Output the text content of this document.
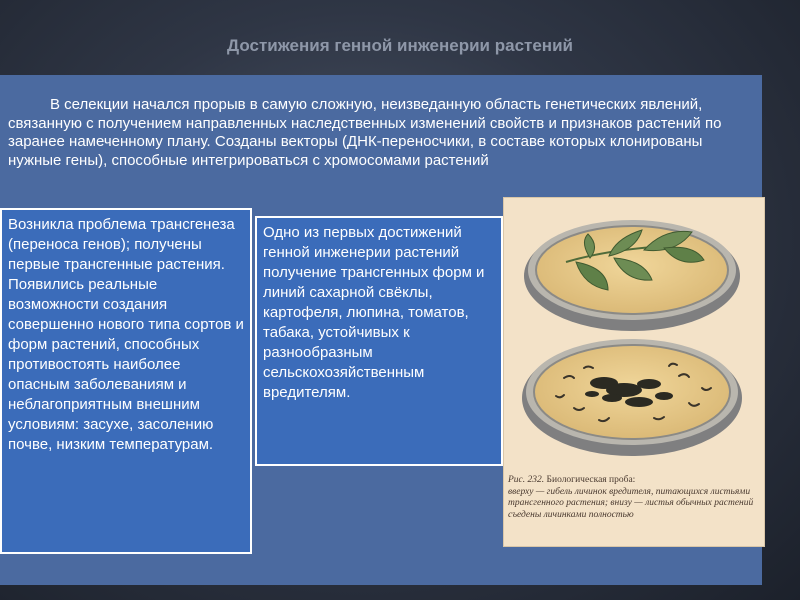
Достижения генной инженерии растений

В селекции начался прорыв в самую сложную, неизведанную область генетических явлений, связанную с получением направленных наследственных изменений свойств и признаков растений по заранее намеченному плану. Созданы векторы (ДНК-переносчики, в составе которых клонированы нужные гены), способные интегрироваться с хромосомами растений

Возникла проблема трансгенеза (переноса генов); получены первые трансгенные растения. Появились реальные возможности создания совершенно нового типа сортов и форм растений, способных противостоять наиболее опасным заболеваниям и неблагоприятным внешним условиям: засухе, засолению почве, низким температурам.
Одно из первых достижений генной инженерии растений получение трансгенных форм и линий сахарной свёклы, картофеля, люпина, томатов, табака, устойчивых к разнообразным сельскохозяйственным вредителям.
Рис. 232. Биологическая проба:
вверху — гибель личинок вредителя, питающихся листьями трансгенного растения; внизу — листья обычных растений съедены личинками полностью
